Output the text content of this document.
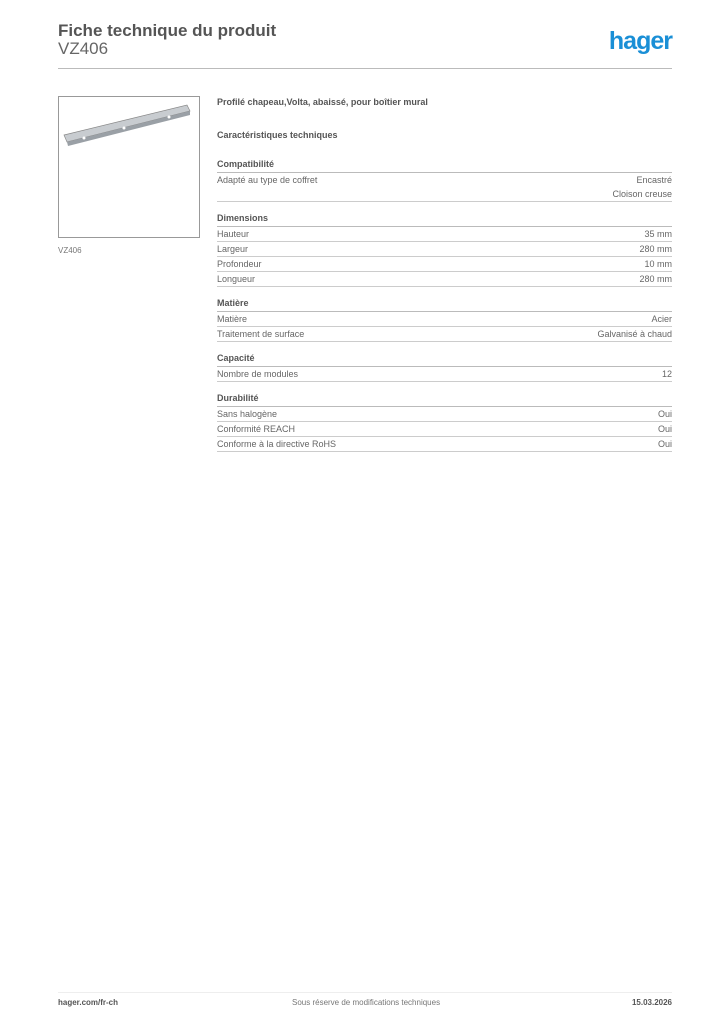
Fiche technique du produit
VZ406	hager
VZ406
Profilé chapeau,Volta, abaissé, pour boîtier mural
Caractéristiques techniques
Compatibilité
Adapté au type de coffret	Encastré
Cloison creuse
Dimensions
Hauteur	35 mm
Largeur	280 mm
Profondeur	10 mm
Longueur	280 mm
Matière
Matière	Acier
Traitement de surface	Galvanisé à chaud
Capacité
Nombre de modules	12
Durabilité
Sans halogène	Oui
Conformité REACH	Oui
Conforme à la directive RoHS	Oui
hager.com/fr-ch	Sous réserve de modifications techniques	15.03.2026
